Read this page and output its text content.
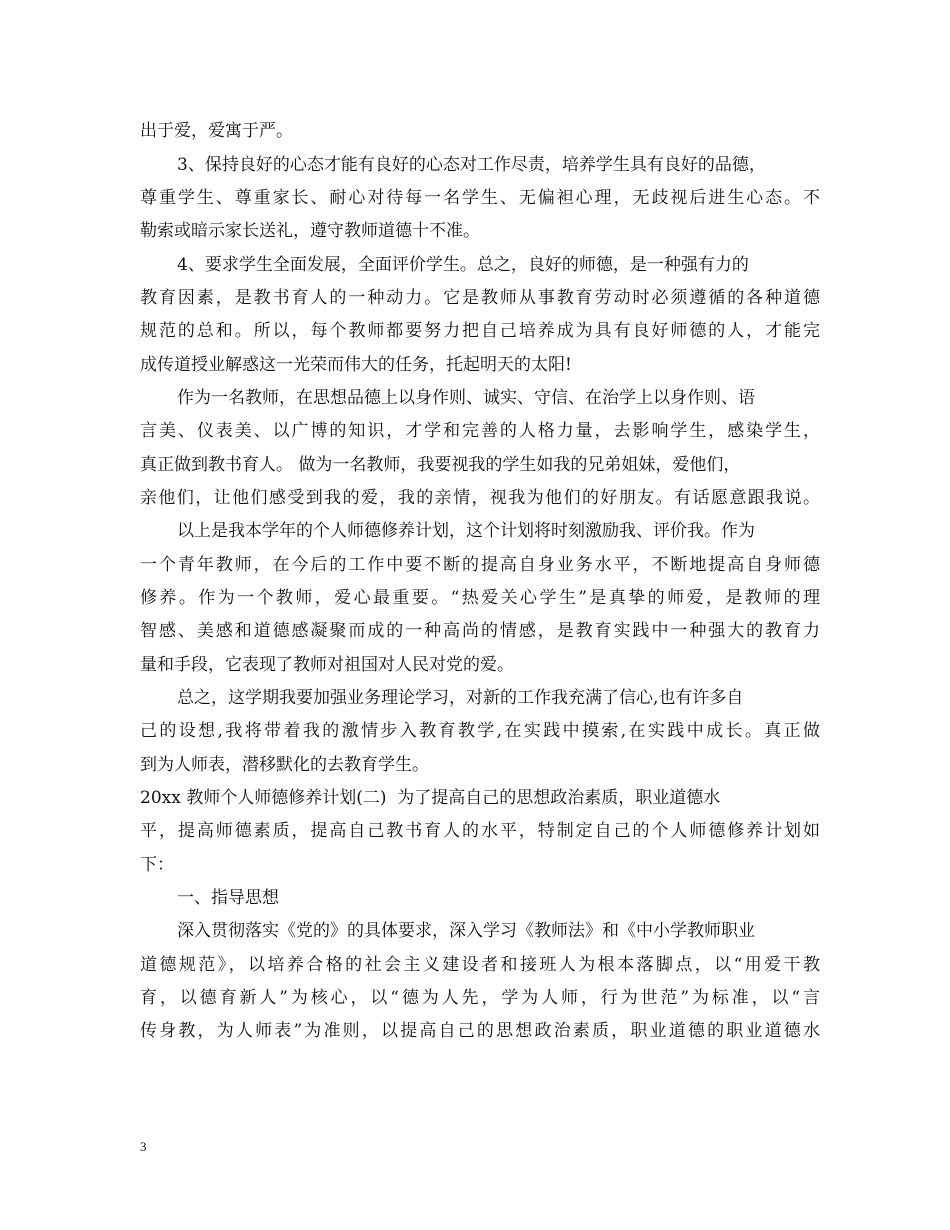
出于爱，爱寓于严。
3、保持良好的心态才能有良好的心态对工作尽责，培养学生具有良好的品德，
尊重学生、尊重家长、耐心对待每一名学生、无偏袒心理，无歧视后进生心态。不
勒索或暗示家长送礼，遵守教师道德十不准。
4、要求学生全面发展，全面评价学生。总之，良好的师德，是一种强有力的
教育因素，是教书育人的一种动力。它是教师从事教育劳动时必须遵循的各种道德
规范的总和。所以，每个教师都要努力把自己培养成为具有良好师德的人，才能完
成传道授业解惑这一光荣而伟大的任务，托起明天的太阳!
作为一名教师，在思想品德上以身作则、诚实、守信、在治学上以身作则、语
言美、仪表美、以广博的知识，才学和完善的人格力量，去影响学生，感染学生，
真正做到教书育人。 做为一名教师，我要视我的学生如我的兄弟姐妹，爱他们，
亲他们，让他们感受到我的爱，我的亲情，视我为他们的好朋友。有话愿意跟我说。
以上是我本学年的个人师德修养计划，这个计划将时刻激励我、评价我。作为
一个青年教师，在今后的工作中要不断的提高自身业务水平，不断地提高自身师德
修养。作为一个教师，爱心最重要。“热爱关心学生”是真挚的师爱，是教师的理
智感、美感和道德感凝聚而成的一种高尚的情感，是教育实践中一种强大的教育力
量和手段，它表现了教师对祖国对人民对党的爱。
总之，这学期我要加强业务理论学习，对新的工作我充满了信心,也有许多自
己的设想,我将带着我的激情步入教育教学,在实践中摸索,在实践中成长。真正做
到为人师表，潜移默化的去教育学生。
20xx 教师个人师德修养计划(二)  为了提高自己的思想政治素质，职业道德水
平，提高师德素质，提高自己教书育人的水平，特制定自己的个人师德修养计划如
下：
一、指导思想
深入贯彻落实《党的》的具体要求，深入学习《教师法》和《中小学教师职业
道德规范》，以培养合格的社会主义建设者和接班人为根本落脚点，以“用爱干教
育，以德育新人”为核心，以“德为人先，学为人师，行为世范”为标准，以“言
传身教，为人师表”为准则，以提高自己的思想政治素质，职业道德的职业道德水
3
